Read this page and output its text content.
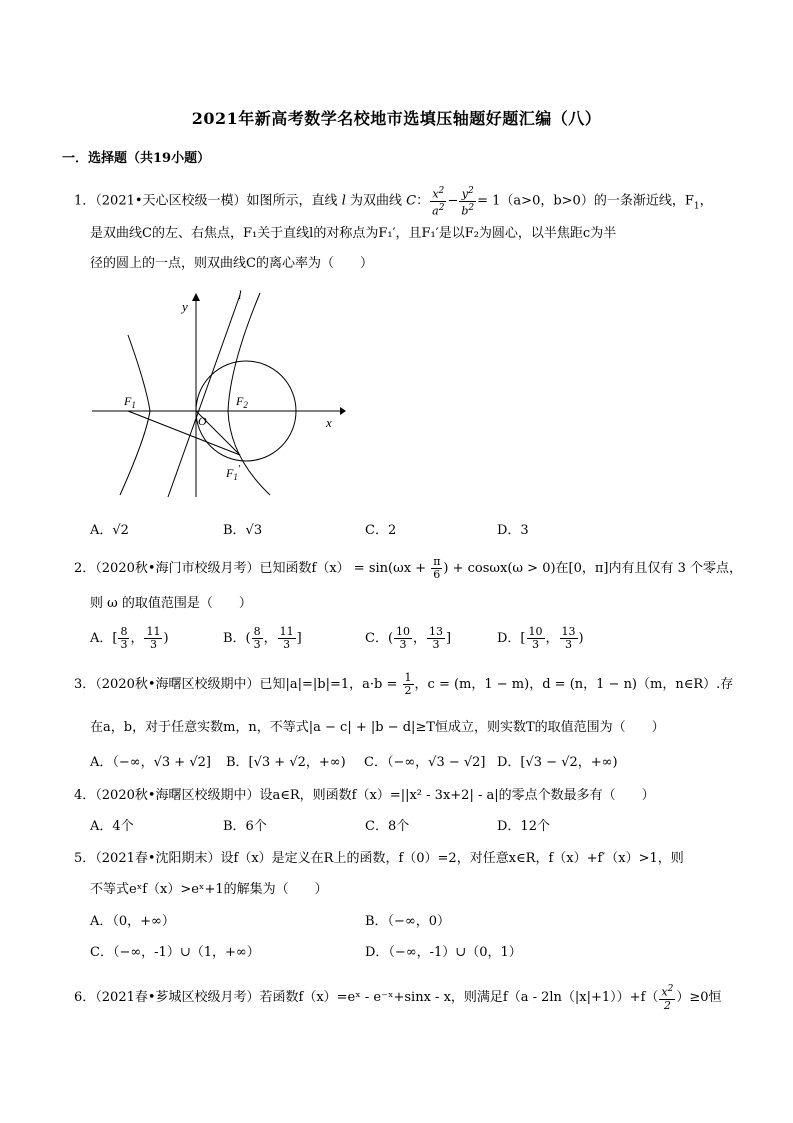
2021年新高考数学名校地市选填压轴题好题汇编（八）
一．选择题（共19小题）
1．（2021•天心区校级一模）如图所示，直线 l 为双曲线 C： $\frac{x^2}{a^2} - \frac{y^2}{b^2} = 1(a>0$，b>0）的一条渐近线，$F_1$，
是双曲线C的左、右焦点，F₁关于直线l的对称点为F₁′，且F₁′是以F₂为圆心，以半焦距c为半
径的圆上的一点，则双曲线C的离心率为（　　）
y
l
$F_1$	$F_2$
O	x
$F_1'$
A．√2	B．√3	C．2	D．3
2．（2020秋•海门市校级月考）已知函数$f(x) = \sin(\omega x + \frac{\pi}{6}$ ) + cosωx(ω > 0)在[0，π]内有且仅有 3 个零点，
则 ω 的取值范围是（　　）
A．[ $\frac{8}{3}$ ， $\frac{11}{3}$ )	B．( $\frac{8}{3}$ ， $\frac{11}{3}$ ]	C．( $\frac{10}{3}$ ， $\frac{13}{3}$ ]	D．[ $\frac{10}{3}$ ， $\frac{13}{3}$ )
3．（2020秋•海曙区校级期中）已知|a|=|b|=1，$a\cdot b = \frac{1}{2}$ ，c = (m，1 − m)，d = (n，1 − n)（m，n∈R）.存
在a，b，对于任意实数m，n，不等式|a − c| + |b − d|≥T恒成立，则实数T的取值范围为（　　）
A．（−∞，√3 + √2] B．[√3 + √2，+∞) C．（−∞，√3 − √2] D．[√3 − √2，+∞)
4．（2020秋•海曙区校级期中）设a∈R，则函数f（x）=||x² - 3x+2| - a|的零点个数最多有（　　）
A．4个	B．6个	C．8个	D．12个
5．（2021春•沈阳期末）设f（x）是定义在R上的函数，f（0）=2，对任意x∈R，f（x）+f′（x）>1，则
不等式eˣf（x）>eˣ+1的解集为（　　）
A．（0，+∞）	B．（−∞，0）
C．（−∞，-1）∪（1，+∞）	D．（−∞，-1）∪（0，1）
6．（2021春•芗城区校级月考）若函数f（x）=eˣ - e⁻ˣ+sinx - x，则满足$f(a - 2\ln(|x|+1))+f( \frac{x^2}{2} )\ge 0$恒
